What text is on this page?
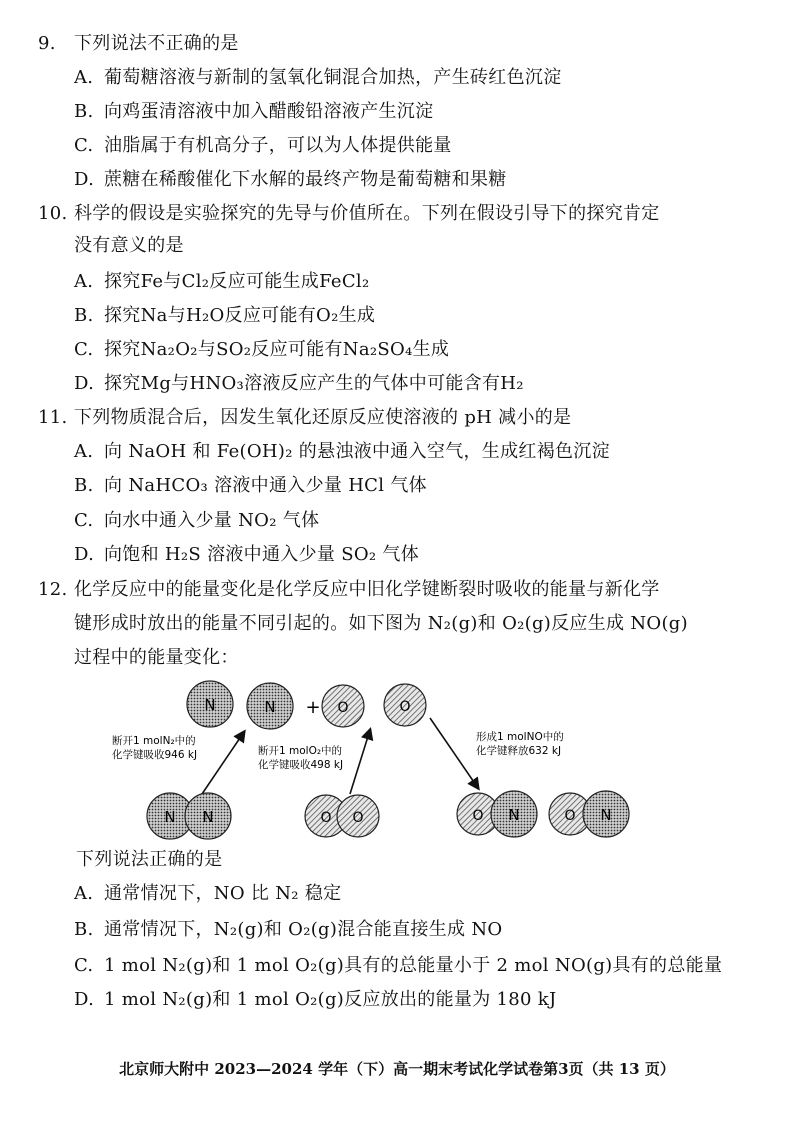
9. 下列说法不正确的是
A. 葡萄糖溶液与新制的氢氧化铜混合加热，产生砖红色沉淀
B. 向鸡蛋清溶液中加入醋酸铅溶液产生沉淀
C. 油脂属于有机高分子，可以为人体提供能量
D. 蔗糖在稀酸催化下水解的最终产物是葡萄糖和果糖
10. 科学的假设是实验探究的先导与价值所在。下列在假设引导下的探究肯定
没有意义的是
A. 探究Fe与Cl₂反应可能生成FeCl₂
B. 探究Na与H₂O反应可能有O₂生成
C. 探究Na₂O₂与SO₂反应可能有Na₂SO₄生成
D. 探究Mg与HNO₃溶液反应产生的气体中可能含有H₂
11. 下列物质混合后，因发生氧化还原反应使溶液的 pH 减小的是
A. 向 NaOH 和 Fe(OH)₂ 的悬浊液中通入空气，生成红褐色沉淀
B. 向 NaHCO₃ 溶液中通入少量 HCl 气体
C. 向水中通入少量 NO₂ 气体
D. 向饱和 H₂S 溶液中通入少量 SO₂ 气体
12. 化学反应中的能量变化是化学反应中旧化学键断裂时吸收的能量与新化学
键形成时放出的能量不同引起的。如下图为 N₂(g)和 O₂(g)反应生成 NO(g)
过程中的能量变化：
N	N + O	O
断开1 molN₂中的
化学键吸收946 kJ	断开1 molO₂中的
化学键吸收498 kJ
形成1 molNO中的
化学键释放632 kJ
N N	O O	O N	O N
下列说法正确的是
A. 通常情况下，NO 比 N₂ 稳定
B. 通常情况下，N₂(g)和 O₂(g)混合能直接生成 NO
C. 1 mol N₂(g)和 1 mol O₂(g)具有的总能量小于 2 mol NO(g)具有的总能量
D. 1 mol N₂(g)和 1 mol O₂(g)反应放出的能量为 180 kJ
北京师大附中 2023—2024 学年（下）高一期末考试化学试卷第3页（共 13 页）
